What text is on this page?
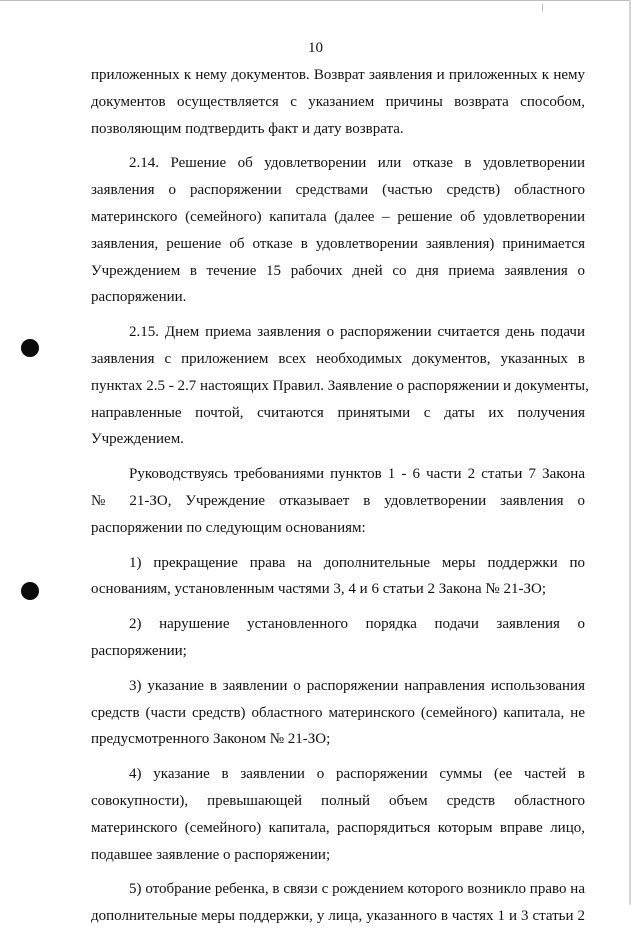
/
10
приложенных к нему документов. Возврат заявления и приложенных к нему
документов осуществляется с указанием причины возврата способом,
позволяющим подтвердить факт и дату возврата.
2.14. Решение об удовлетворении или отказе в удовлетворении
заявления о распоряжении средствами (частью средств) областного
материнского (семейного) капитала (далее – решение об удовлетворении
заявления, решение об отказе в удовлетворении заявления) принимается
Учреждением в течение 15 рабочих дней со дня приема заявления о
распоряжении.
2.15. Днем приема заявления о распоряжении считается день подачи
заявления с приложением всех необходимых документов, указанных в
пунктах 2.5 - 2.7 настоящих Правил. Заявление о распоряжении и документы,
направленные почтой, считаются принятыми с даты их получения
Учреждением.
Руководствуясь требованиями пунктов 1 - 6 части 2 статьи 7 Закона
№ 21-ЗО, Учреждение отказывает в удовлетворении заявления о
распоряжении по следующим основаниям:
1) прекращение права на дополнительные меры поддержки по
основаниям, установленным частями 3, 4 и 6 статьи 2 Закона № 21-ЗО;
2) нарушение установленного порядка подачи заявления о
распоряжении;
3) указание в заявлении о распоряжении направления использования
средств (части средств) областного материнского (семейного) капитала, не
предусмотренного Законом № 21-ЗО;
4) указание в заявлении о распоряжении суммы (ее частей в
совокупности), превышающей полный объем средств областного
материнского (семейного) капитала, распорядиться которым вправе лицо,
подавшее заявление о распоряжении;
5) отобрание ребенка, в связи с рождением которого возникло право на
дополнительные меры поддержки, у лица, указанного в частях 1 и 3 статьи 2
